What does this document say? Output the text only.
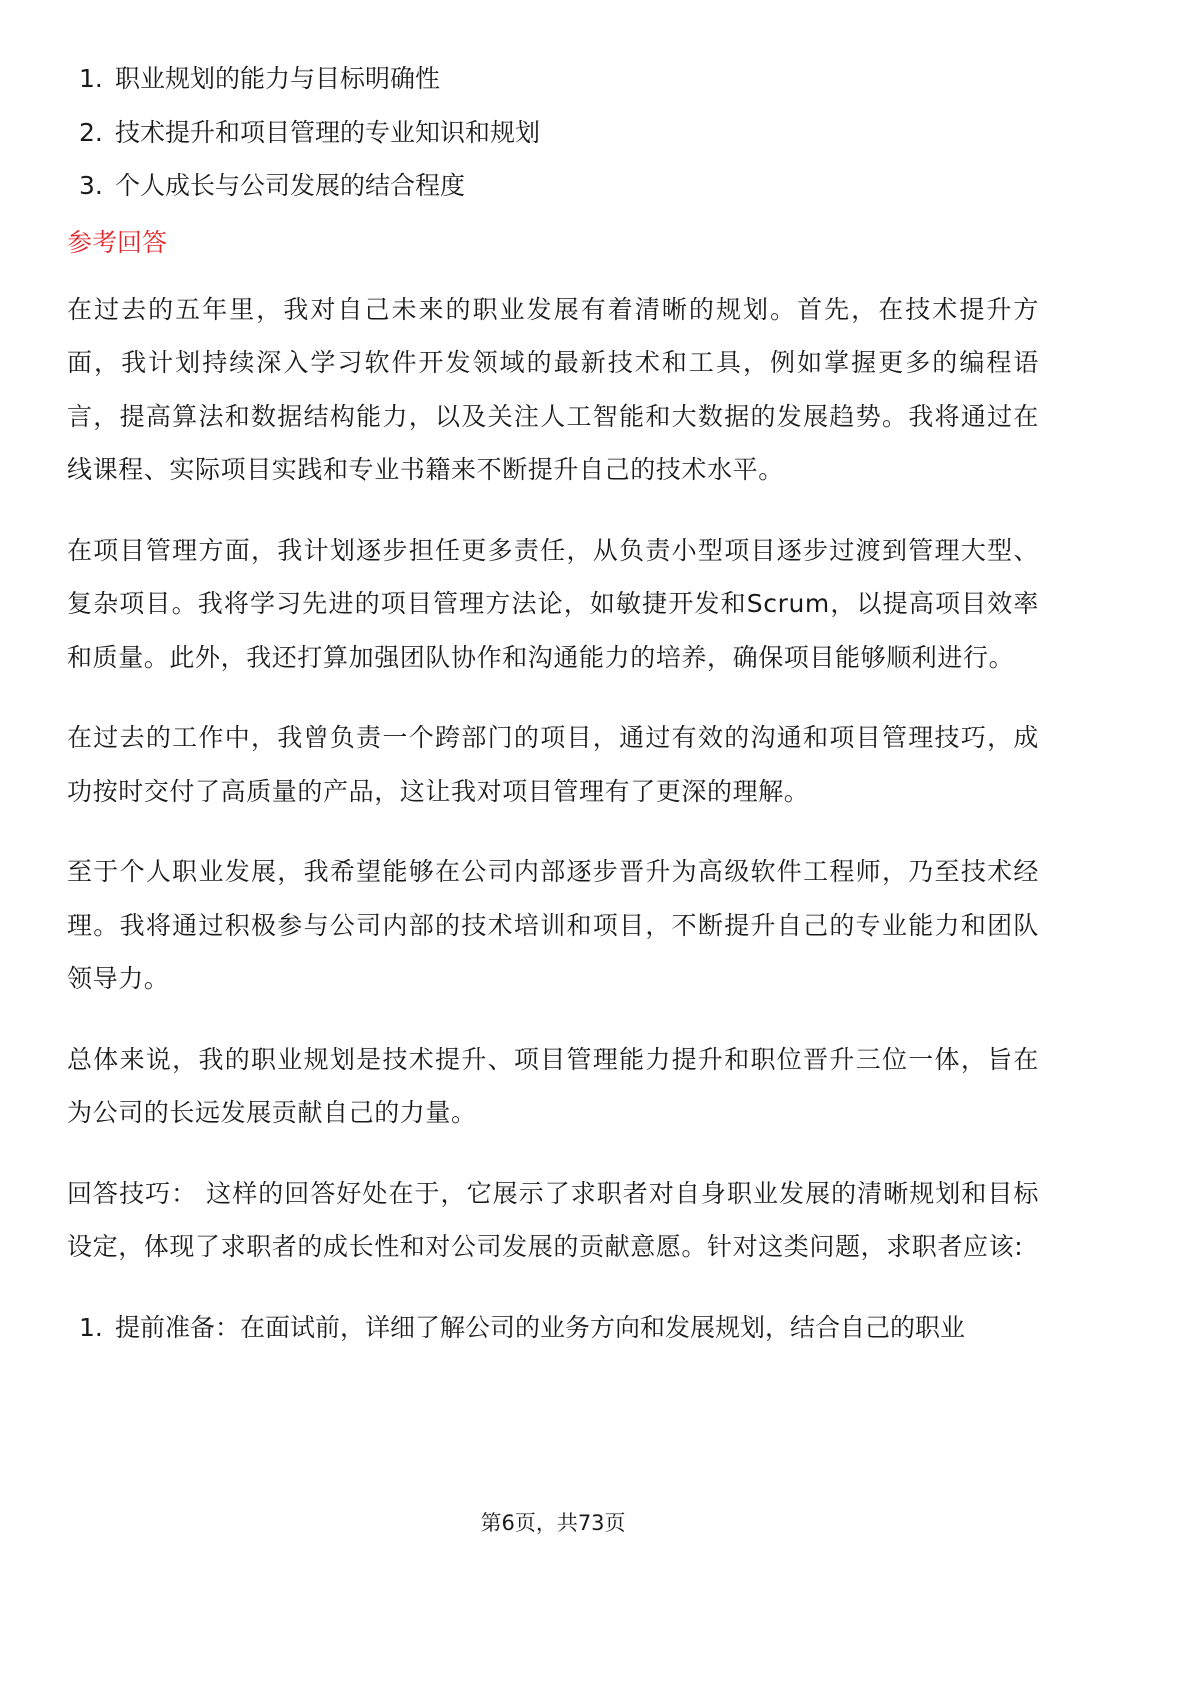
1. 职业规划的能力与目标明确性
2. 技术提升和项目管理的专业知识和规划
3. 个人成长与公司发展的结合程度
参考回答

在过去的五年里，我对自己未来的职业发展有着清晰的规划。首先，在技术提升方面，我计划持续深入学习软件开发领域的最新技术和工具，例如掌握更多的编程语言，提高算法和数据结构能力，以及关注人工智能和大数据的发展趋势。我将通过在线课程、实际项目实践和专业书籍来不断提升自己的技术水平。

在项目管理方面，我计划逐步担任更多责任，从负责小型项目逐步过渡到管理大型、复杂项目。我将学习先进的项目管理方法论，如敏捷开发和Scrum，以提高项目效率和质量。此外，我还打算加强团队协作和沟通能力的培养，确保项目能够顺利进行。

在过去的工作中，我曾负责一个跨部门的项目，通过有效的沟通和项目管理技巧，成功按时交付了高质量的产品，这让我对项目管理有了更深的理解。

至于个人职业发展，我希望能够在公司内部逐步晋升为高级软件工程师，乃至技术经理。我将通过积极参与公司内部的技术培训和项目，不断提升自己的专业能力和团队领导力。

总体来说，我的职业规划是技术提升、项目管理能力提升和职位晋升三位一体，旨在为公司的长远发展贡献自己的力量。

回答技巧： 这样的回答好处在于，它展示了求职者对自身职业发展的清晰规划和目标设定，体现了求职者的成长性和对公司发展的贡献意愿。针对这类问题，求职者应该:

1. 提前准备：在面试前，详细了解公司的业务方向和发展规划，结合自己的职业
第6页，共73页
